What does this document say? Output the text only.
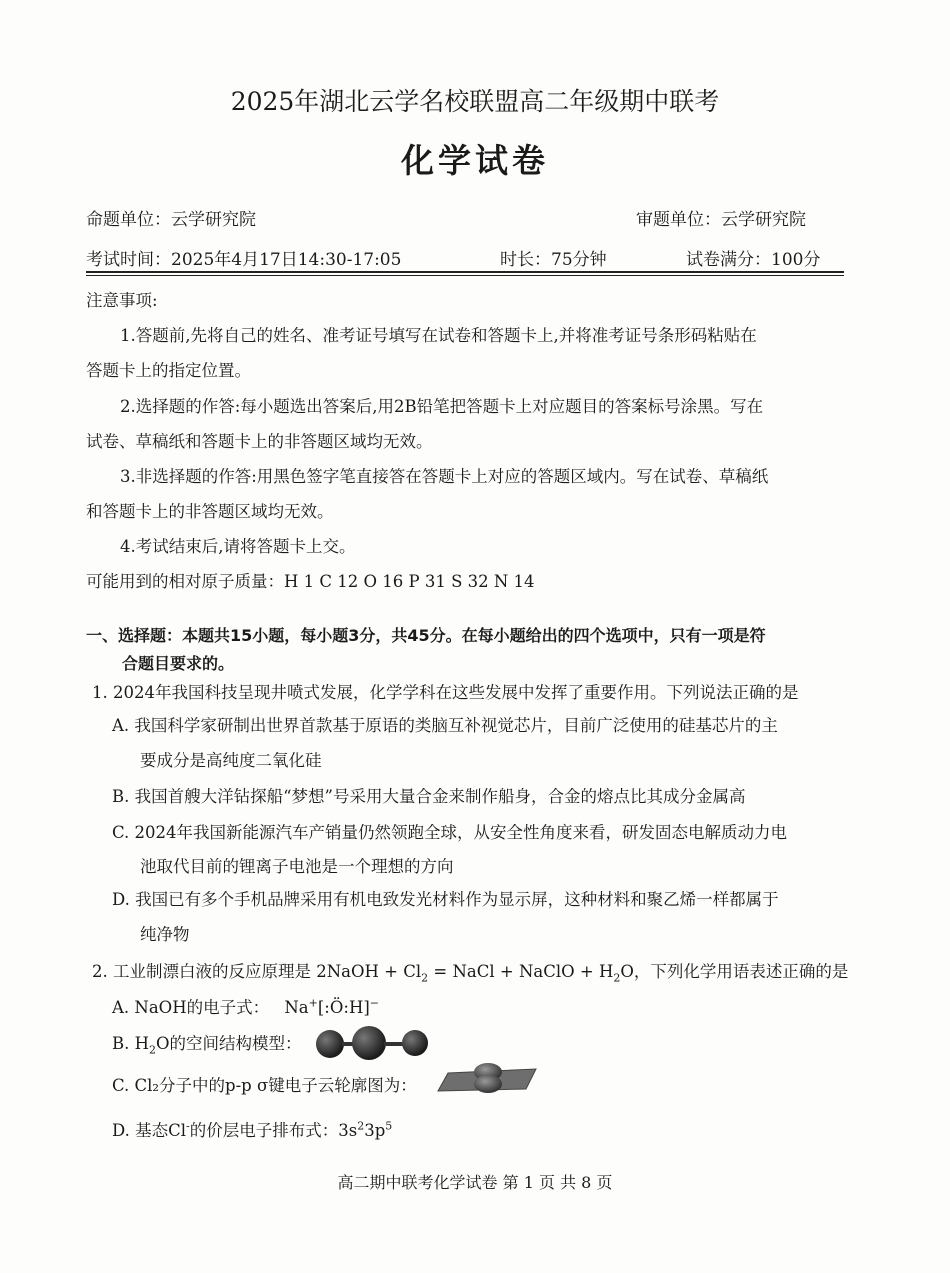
2025年湖北云学名校联盟高二年级期中联考
化学试卷
命题单位：云学研究院	审题单位：云学研究院
考试时间：2025年4月17日14:30-17:05	时长：75分钟	试卷满分：100分
注意事项:
1.答题前,先将自己的姓名、准考证号填写在试卷和答题卡上,并将准考证号条形码粘贴在
答题卡上的指定位置。
2.选择题的作答:每小题选出答案后,用2B铅笔把答题卡上对应题目的答案标号涂黑。写在
试卷、草稿纸和答题卡上的非答题区域均无效。
3.非选择题的作答:用黑色签字笔直接答在答题卡上对应的答题区域内。写在试卷、草稿纸
和答题卡上的非答题区域均无效。
4.考试结束后,请将答题卡上交。
可能用到的相对原子质量：H 1 C 12 O 16 P 31 S 32 N 14
一、选择题：本题共15小题，每小题3分，共45分。在每小题给出的四个选项中，只有一项是符
合题目要求的。
1. 2024年我国科技呈现井喷式发展，化学学科在这些发展中发挥了重要作用。下列说法正确的是
A. 我国科学家研制出世界首款基于原语的类脑互补视觉芯片，目前广泛使用的硅基芯片的主
要成分是高纯度二氧化硅
B. 我国首艘大洋钻探船“梦想”号采用大量合金来制作船身，合金的熔点比其成分金属高
C. 2024年我国新能源汽车产销量仍然领跑全球，从安全性角度来看，研发固态电解质动力电
池取代目前的锂离子电池是一个理想的方向
D. 我国已有多个手机品牌采用有机电致发光材料作为显示屏，这种材料和聚乙烯一样都属于
纯净物
2. 工业制漂白液的反应原理是 2NaOH + $Cl_2$ = NaCl + NaClO + $H_2O$，下列化学用语表述正确的是
A. NaOH的电子式： Na+[:Ö:H]−
B. $H_2O$的空间结构模型：
C. Cl₂分子中的p-p σ键电子云轮廓图为：
D. 基态Cl-的价层电子排布式：$3s^23p^5$
高二期中联考化学试卷 第 1 页 共 8 页
